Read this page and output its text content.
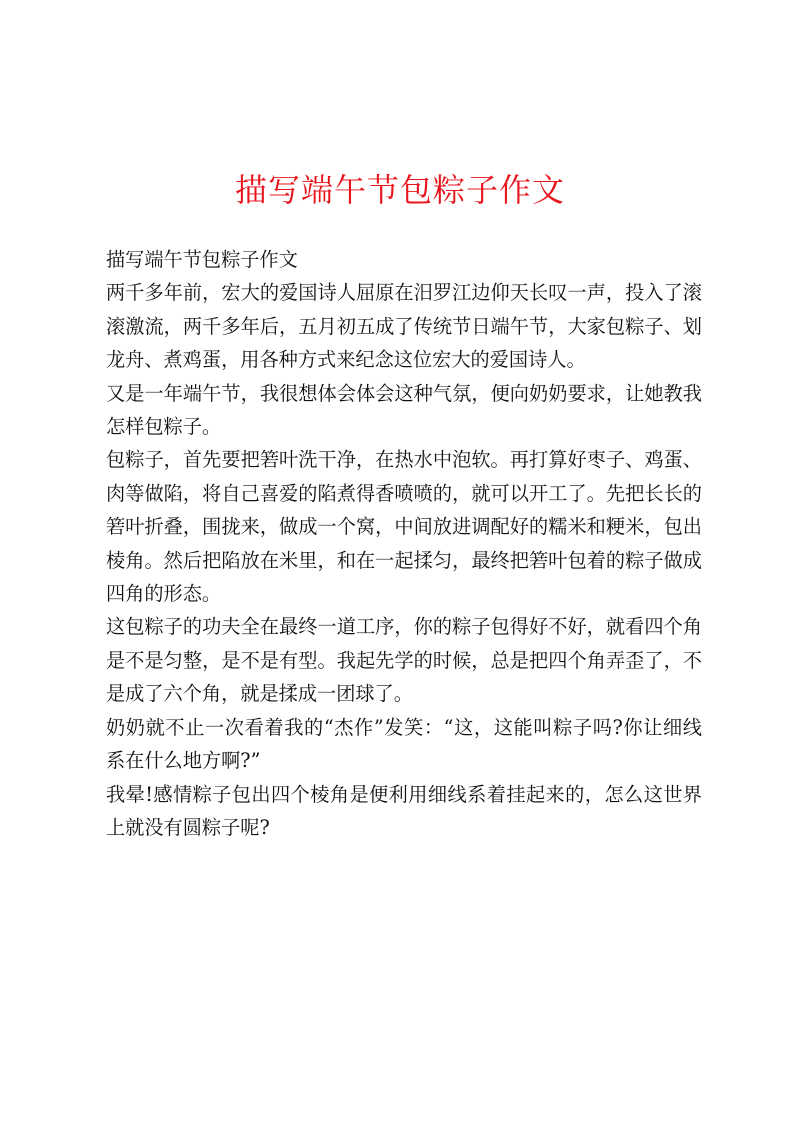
描写端午节包粽子作文

描写端午节包粽子作文

两千多年前，宏大的爱国诗人屈原在汨罗江边仰天长叹一声，投入了滚滚激流，两千多年后，五月初五成了传统节日端午节，大家包粽子、划龙舟、煮鸡蛋，用各种方式来纪念这位宏大的爱国诗人。

又是一年端午节，我很想体会体会这种气氛，便向奶奶要求，让她教我怎样包粽子。

包粽子，首先要把箬叶洗干净，在热水中泡软。再打算好枣子、鸡蛋、肉等做陷，将自己喜爱的陷煮得香喷喷的，就可以开工了。先把长长的箬叶折叠，围拢来，做成一个窝，中间放进调配好的糯米和粳米，包出棱角。然后把陷放在米里，和在一起揉匀，最终把箬叶包着的粽子做成四角的形态。

这包粽子的功夫全在最终一道工序，你的粽子包得好不好，就看四个角是不是匀整，是不是有型。我起先学的时候，总是把四个角弄歪了，不是成了六个角，就是揉成一团球了。

奶奶就不止一次看着我的“杰作”发笑：“这，这能叫粽子吗?你让细线系在什么地方啊?”

我晕!感情粽子包出四个棱角是便利用细线系着挂起来的，怎么这世界上就没有圆粽子呢?
